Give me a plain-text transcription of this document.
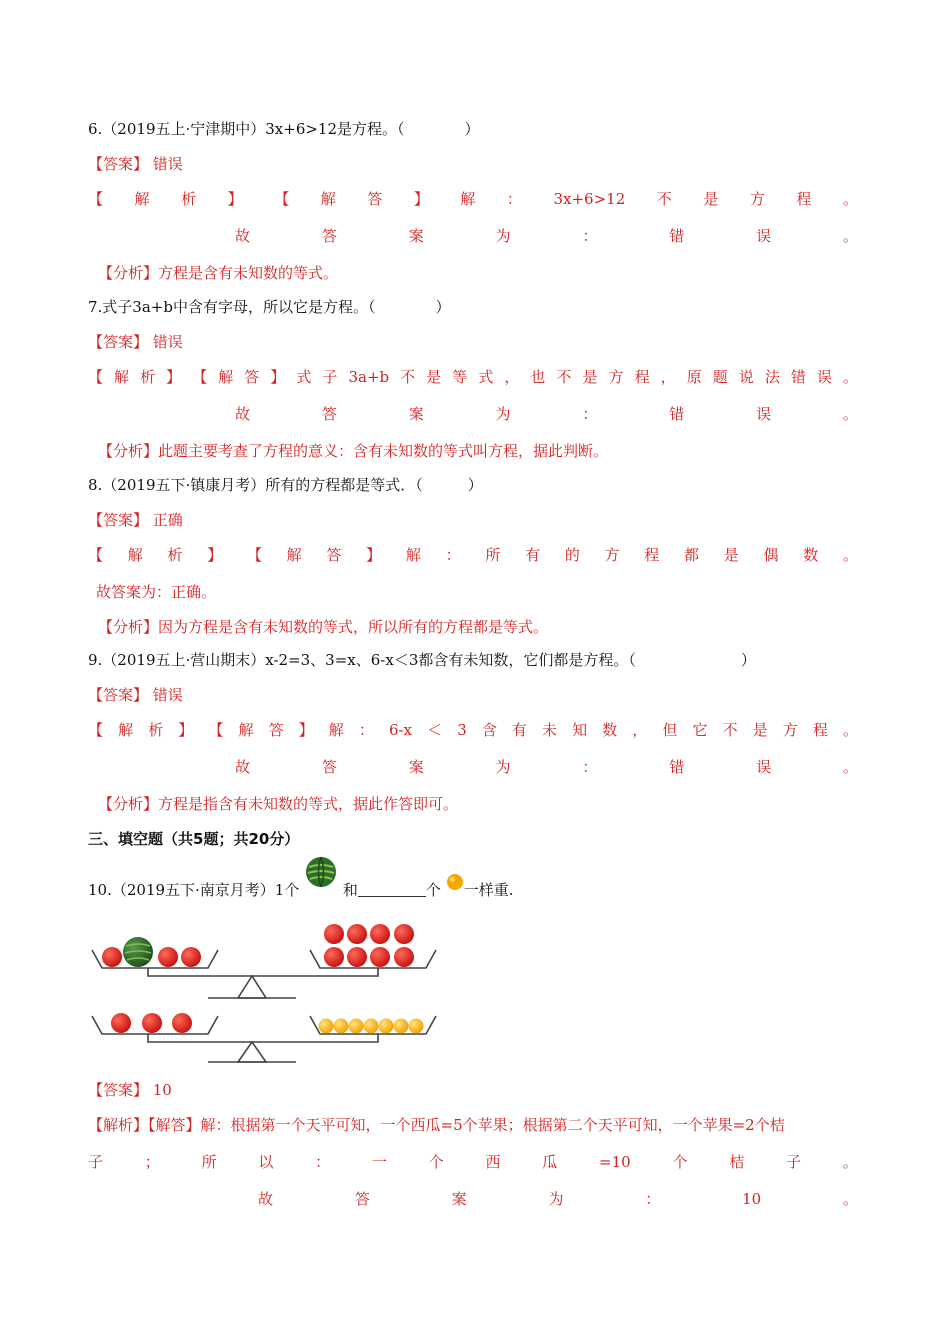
6.（2019五上·宁津期中）3x+6>12是方程。（　　　　）
【答案】 错误
【 解 析 】 【 解 答 】 解 ： 3x+6>12 不 是 方 程 。
故	答	案	为	：	错	误	。
【分析】方程是含有未知数的等式。
7.式子3a+b中含有字母，所以它是方程。（　　　　）
【答案】 错误
【 解 析 】 【 解 答 】 式 子 3a+b 不 是 等 式 ， 也 不 是 方 程 ， 原 题 说 法 错 误 。
故	答	案	为	：	错	误	。
【分析】此题主要考查了方程的意义：含有未知数的等式叫方程，据此判断。
8.（2019五下·镇康月考）所有的方程都是等式．（　　　）
【答案】 正确
【 解 析 】 【 解 答 】 解 ： 所 有 的 方 程 都 是 偶 数 。
故答案为：正确。
【分析】因为方程是含有未知数的等式，所以所有的方程都是等式。
9.（2019五上·营山期末）x-2=3、3=x、6-x＜3都含有未知数，它们都是方程。（　　　　　　　）
【答案】 错误
【 解 析 】 【 解 答 】 解 ： 6-x ＜ 3 含 有 未 知 数 ， 但 它 不 是 方 程 。
故	答	案	为	：	错	误	。
【分析】方程是指含有未知数的等式，据此作答即可。
三、填空题（共5题；共20分）
10.（2019五下·南京月考）1个	和	个 一样重.
【答案】 10
【解析】【解答】解：根据第一个天平可知，一个西瓜=5个苹果；根据第二个天平可知，一个苹果=2个桔
子	；	所	以	：	一	个	西	瓜	=10	个	桔	子	。
故	答	案	为	：	10	。
